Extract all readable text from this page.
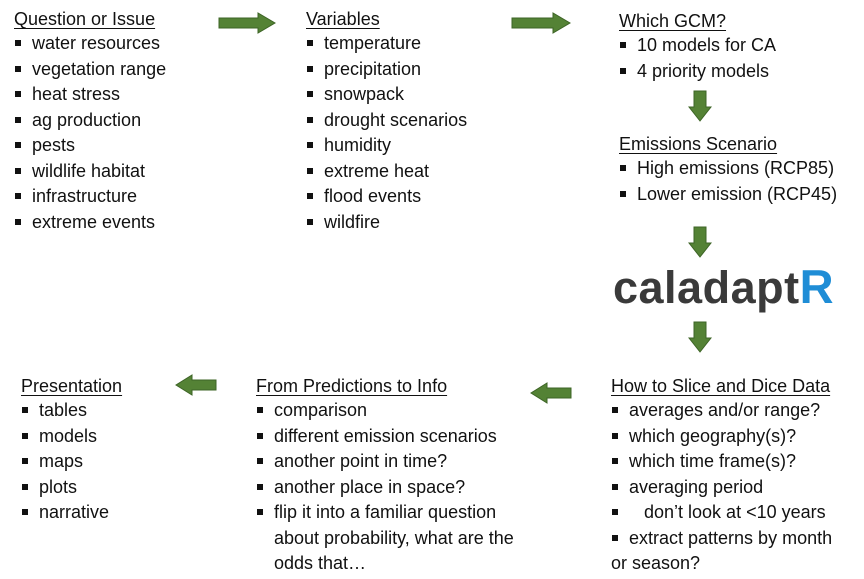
Question or Issue
water resources
vegetation range
heat stress
ag production
pests
wildlife habitat
infrastructure
extreme events
Variables
temperature
precipitation
snowpack
drought scenarios
humidity
extreme heat
flood events
wildfire
Which GCM?
10 models for CA
4 priority models
Emissions Scenario
High emissions (RCP85)
Lower emission (RCP45)
caladaptR
How to Slice and Dice Data
averages and/or range?
which geography(s)?
which time frame(s)?
averaging period
don’t look at <10 years
extract patterns by month
or season?
From Predictions to Info
comparison
different emission scenarios
another point in time?
another place in space?
flip it into a familiar question
about probability, what are the
odds that…
Presentation
tables
models
maps
plots
narrative
